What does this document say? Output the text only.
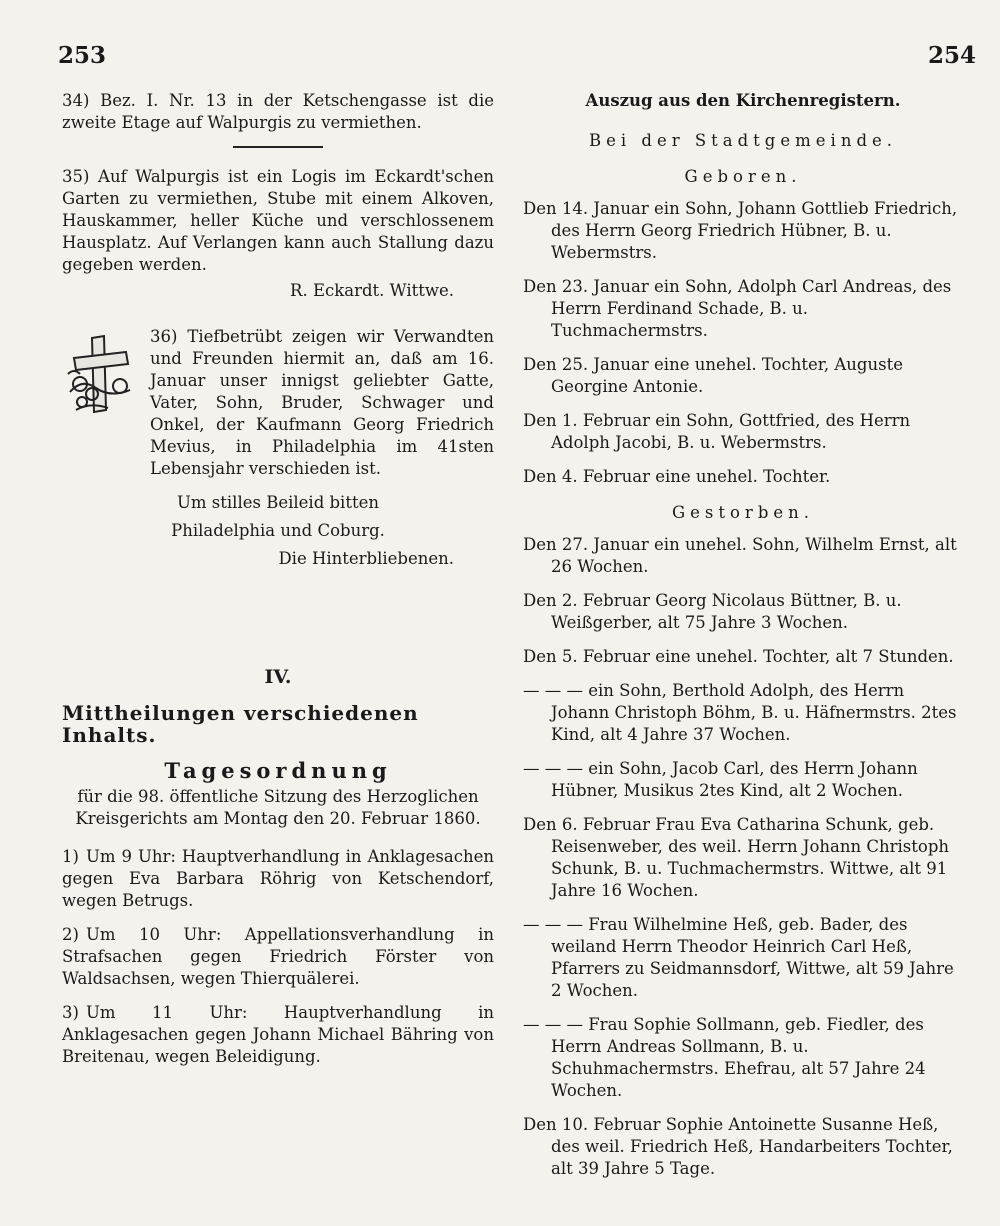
253	254

34) Bez. I. Nr. 13 in der Ketschengasse ist die zweite Etage auf Walpurgis zu vermiethen.

35) Auf Walpurgis ist ein Logis im Eckardt'schen Garten zu vermiethen, Stube mit einem Alkoven, Hauskammer, heller Küche und verschlossenem Hausplatz. Auf Verlangen kann auch Stallung dazu gegeben werden.

R. Eckardt. Wittwe.

36) Tiefbetrübt zeigen wir Verwandten und Freunden hiermit an, daß am 16. Januar unser innigst geliebter Gatte, Vater, Sohn, Bruder, Schwager und Onkel, der Kaufmann Georg Friedrich Mevius, in Philadelphia im 41sten Lebensjahr verschieden ist.

Um stilles Beileid bitten

Philadelphia und Coburg.

Die Hinterbliebenen.

IV.

Mittheilungen verschiedenen Inhalts.

Tagesordnung

für die 98. öffentliche Sitzung des Herzoglichen Kreisgerichts am Montag den 20. Februar 1860.

1) Um 9 Uhr: Hauptverhandlung in Anklagesachen gegen Eva Barbara Röhrig von Ketschendorf, wegen Betrugs.
2) Um 10 Uhr: Appellationsverhandlung in Strafsachen gegen Friedrich Förster von Waldsachsen, wegen Thierquälerei.
3) Um 11 Uhr: Hauptverhandlung in Anklagesachen gegen Johann Michael Bähring von Breitenau, wegen Beleidigung.

Auszug aus den Kirchenregistern.

Bei der Stadtgemeinde.

Geboren.

Den 14. Januar ein Sohn, Johann Gottlieb Friedrich, des Herrn Georg Friedrich Hübner, B. u. Webermstrs.

Den 23. Januar ein Sohn, Adolph Carl Andreas, des Herrn Ferdinand Schade, B. u. Tuchmachermstrs.

Den 25. Januar eine unehel. Tochter, Auguste Georgine Antonie.

Den 1. Februar ein Sohn, Gottfried, des Herrn Adolph Jacobi, B. u. Webermstrs.

Den 4. Februar eine unehel. Tochter.

Gestorben.

Den 27. Januar ein unehel. Sohn, Wilhelm Ernst, alt 26 Wochen.

Den 2. Februar Georg Nicolaus Büttner, B. u. Weißgerber, alt 75 Jahre 3 Wochen.

Den 5. Februar eine unehel. Tochter, alt 7 Stunden.

— — — ein Sohn, Berthold Adolph, des Herrn Johann Christoph Böhm, B. u. Häfnermstrs. 2tes Kind, alt 4 Jahre 37 Wochen.

— — — ein Sohn, Jacob Carl, des Herrn Johann Hübner, Musikus 2tes Kind, alt 2 Wochen.

Den 6. Februar Frau Eva Catharina Schunk, geb. Reisenweber, des weil. Herrn Johann Christoph Schunk, B. u. Tuchmachermstrs. Wittwe, alt 91 Jahre 16 Wochen.

— — — Frau Wilhelmine Heß, geb. Bader, des weiland Herrn Theodor Heinrich Carl Heß, Pfarrers zu Seidmannsdorf, Wittwe, alt 59 Jahre 2 Wochen.

— — — Frau Sophie Sollmann, geb. Fiedler, des Herrn Andreas Sollmann, B. u. Schuhmachermstrs. Ehefrau, alt 57 Jahre 24 Wochen.

Den 10. Februar Sophie Antoinette Susanne Heß, des weil. Friedrich Heß, Handarbeiters Tochter, alt 39 Jahre 5 Tage.
